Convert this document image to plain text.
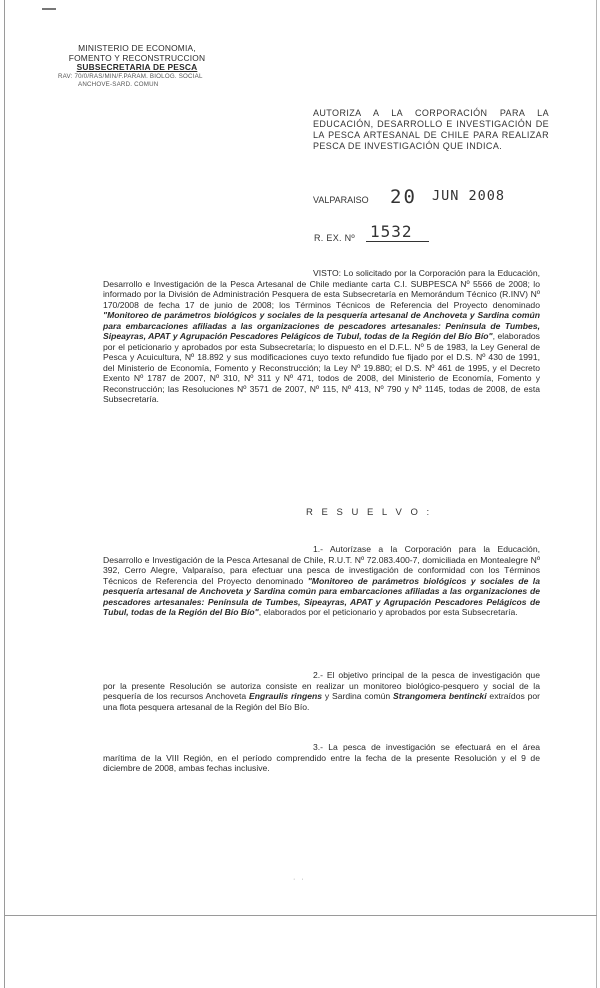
MINISTERIO DE ECONOMIA,
FOMENTO Y RECONSTRUCCION
SUBSECRETARIA DE PESCA
RAV: 70/0/RAS/MIN/F.PARAM. BIOLOG. SOCIAL
ANCHOVE-SARD. COMUN
AUTORIZA A LA CORPORACIÓN PARA LA EDUCACIÓN, DESARROLLO E INVESTIGACIÓN DE LA PESCA ARTESANAL DE CHILE PARA REALIZAR PESCA DE INVESTIGACIÓN QUE INDICA.
VALPARAISO 20 JUN 2008
R. EX. Nº 1532
VISTO: Lo solicitado por la Corporación para la Educación, Desarrollo e Investigación de la Pesca Artesanal de Chile mediante carta C.I. SUBPESCA Nº 5566 de 2008; lo informado por la División de Administración Pesquera de esta Subsecretaría en Memorándum Técnico (R.INV) Nº 170/2008 de fecha 17 de junio de 2008; los Términos Técnicos de Referencia del Proyecto denominado "Monitoreo de parámetros biológicos y sociales de la pesquería artesanal de Anchoveta y Sardina común para embarcaciones afiliadas a las organizaciones de pescadores artesanales: Península de Tumbes, Sipeayras, APAT y Agrupación Pescadores Pelágicos de Tubul, todas de la Región del Bío Bío", elaborados por el peticionario y aprobados por esta Subsecretaría; lo dispuesto en el D.F.L. Nº 5 de 1983, la Ley General de Pesca y Acuicultura, Nº 18.892 y sus modificaciones cuyo texto refundido fue fijado por el D.S. Nº 430 de 1991, del Ministerio de Economía, Fomento y Reconstrucción; la Ley Nº 19.880; el D.S. Nº 461 de 1995, y el Decreto Exento Nº 1787 de 2007, Nº 310, Nº 311 y Nº 471, todos de 2008, del Ministerio de Economía, Fomento y Reconstrucción; las Resoluciones Nº 3571 de 2007, Nº 115, Nº 413, Nº 790 y Nº 1145, todas de 2008, de esta Subsecretaría.
R E S U E L V O :
1.- Autorízase a la Corporación para la Educación, Desarrollo e Investigación de la Pesca Artesanal de Chile, R.U.T. Nº 72.083.400-7, domiciliada en Montealegre Nº 392, Cerro Alegre, Valparaíso, para efectuar una pesca de investigación de conformidad con los Términos Técnicos de Referencia del Proyecto denominado "Monitoreo de parámetros biológicos y sociales de la pesquería artesanal de Anchoveta y Sardina común para embarcaciones afiliadas a las organizaciones de pescadores artesanales: Península de Tumbes, Sipeayras, APAT y Agrupación Pescadores Pelágicos de Tubul, todas de la Región del Bío Bío", elaborados por el peticionario y aprobados por esta Subsecretaría.
2.- El objetivo principal de la pesca de investigación que por la presente Resolución se autoriza consiste en realizar un monitoreo biológico-pesquero y social de la pesquería de los recursos Anchoveta Engraulis ringens y Sardina común Strangomera bentincki extraídos por una flota pesquera artesanal de la Región del Bío Bío.
3.- La pesca de investigación se efectuará en el área marítima de la VIII Región, en el período comprendido entre la fecha de la presente Resolución y el 9 de diciembre de 2008, ambas fechas inclusive.
· ·
